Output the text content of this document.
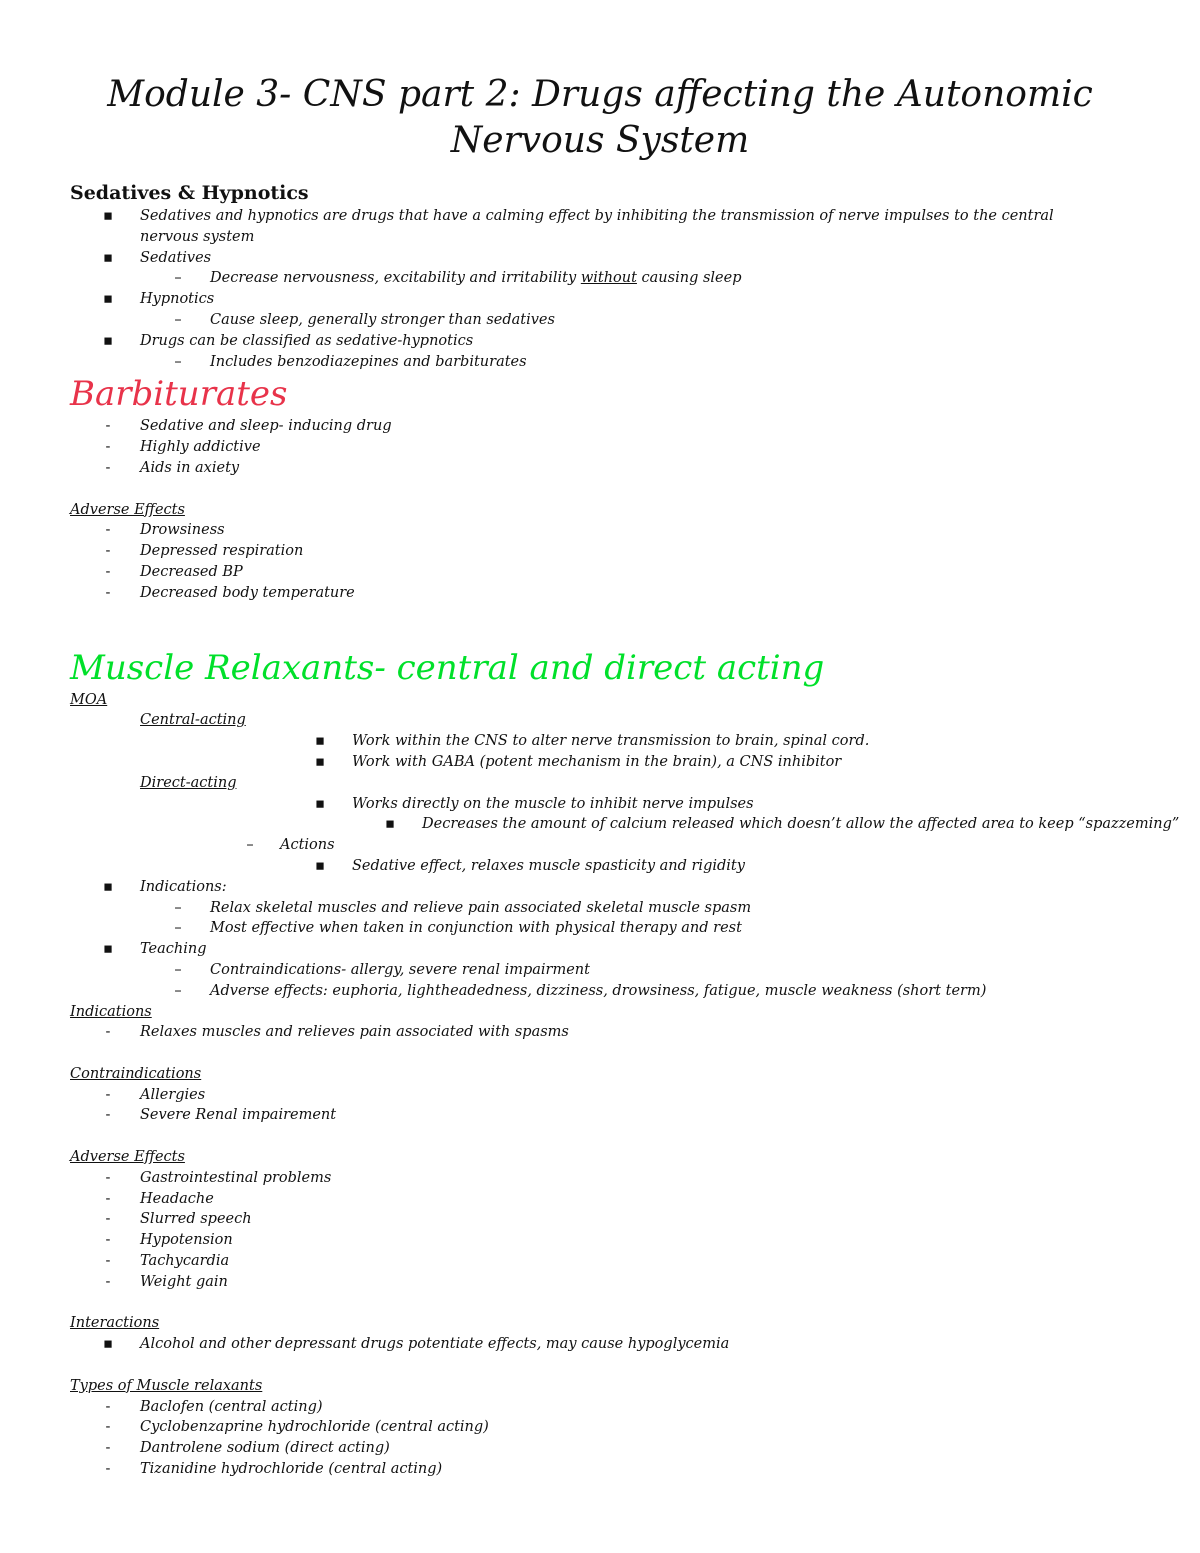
Module 3- CNS part 2: Drugs affecting the Autonomic Nervous System
Sedatives & Hypnotics
▪	Sedatives and hypnotics are drugs that have a calming effect by inhibiting the transmission of nerve impulses to the central nervous system
▪	Sedatives
–	Decrease nervousness, excitability and irritability without causing sleep
▪	Hypnotics
–	Cause sleep, generally stronger than sedatives
▪	Drugs can be classified as sedative-hypnotics
–	Includes benzodiazepines and barbiturates
Barbiturates
-	Sedative and sleep- inducing drug
-	Highly addictive
-	Aids in axiety
Adverse Effects
-	Drowsiness
-	Depressed respiration
-	Decreased BP
-	Decreased body temperature
Muscle Relaxants- central and direct acting
MOA
Central-acting
▪	Work within the CNS to alter nerve transmission to brain, spinal cord.
▪	Work with GABA (potent mechanism in the brain), a CNS inhibitor
Direct-acting
▪	Works directly on the muscle to inhibit nerve impulses
▪	Decreases the amount of calcium released which doesn’t allow the affected area to keep “spazzeming”
–	Actions
▪	Sedative effect, relaxes muscle spasticity and rigidity
▪	Indications:
–	Relax skeletal muscles and relieve pain associated skeletal muscle spasm
–	Most effective when taken in conjunction with physical therapy and rest
▪	Teaching
–	Contraindications- allergy, severe renal impairment
–	Adverse effects: euphoria, lightheadedness, dizziness, drowsiness, fatigue, muscle weakness (short term)
Indications
-	Relaxes muscles and relieves pain associated with spasms
Contraindications
-	Allergies
-	Severe Renal impairement
Adverse Effects
-	Gastrointestinal problems
-	Headache
-	Slurred speech
-	Hypotension
-	Tachycardia
-	Weight gain
Interactions
▪	Alcohol and other depressant drugs potentiate effects, may cause hypoglycemia
Types of Muscle relaxants
-	Baclofen (central acting)
-	Cyclobenzaprine hydrochloride (central acting)
-	Dantrolene sodium (direct acting)
-	Tizanidine hydrochloride (central acting)
